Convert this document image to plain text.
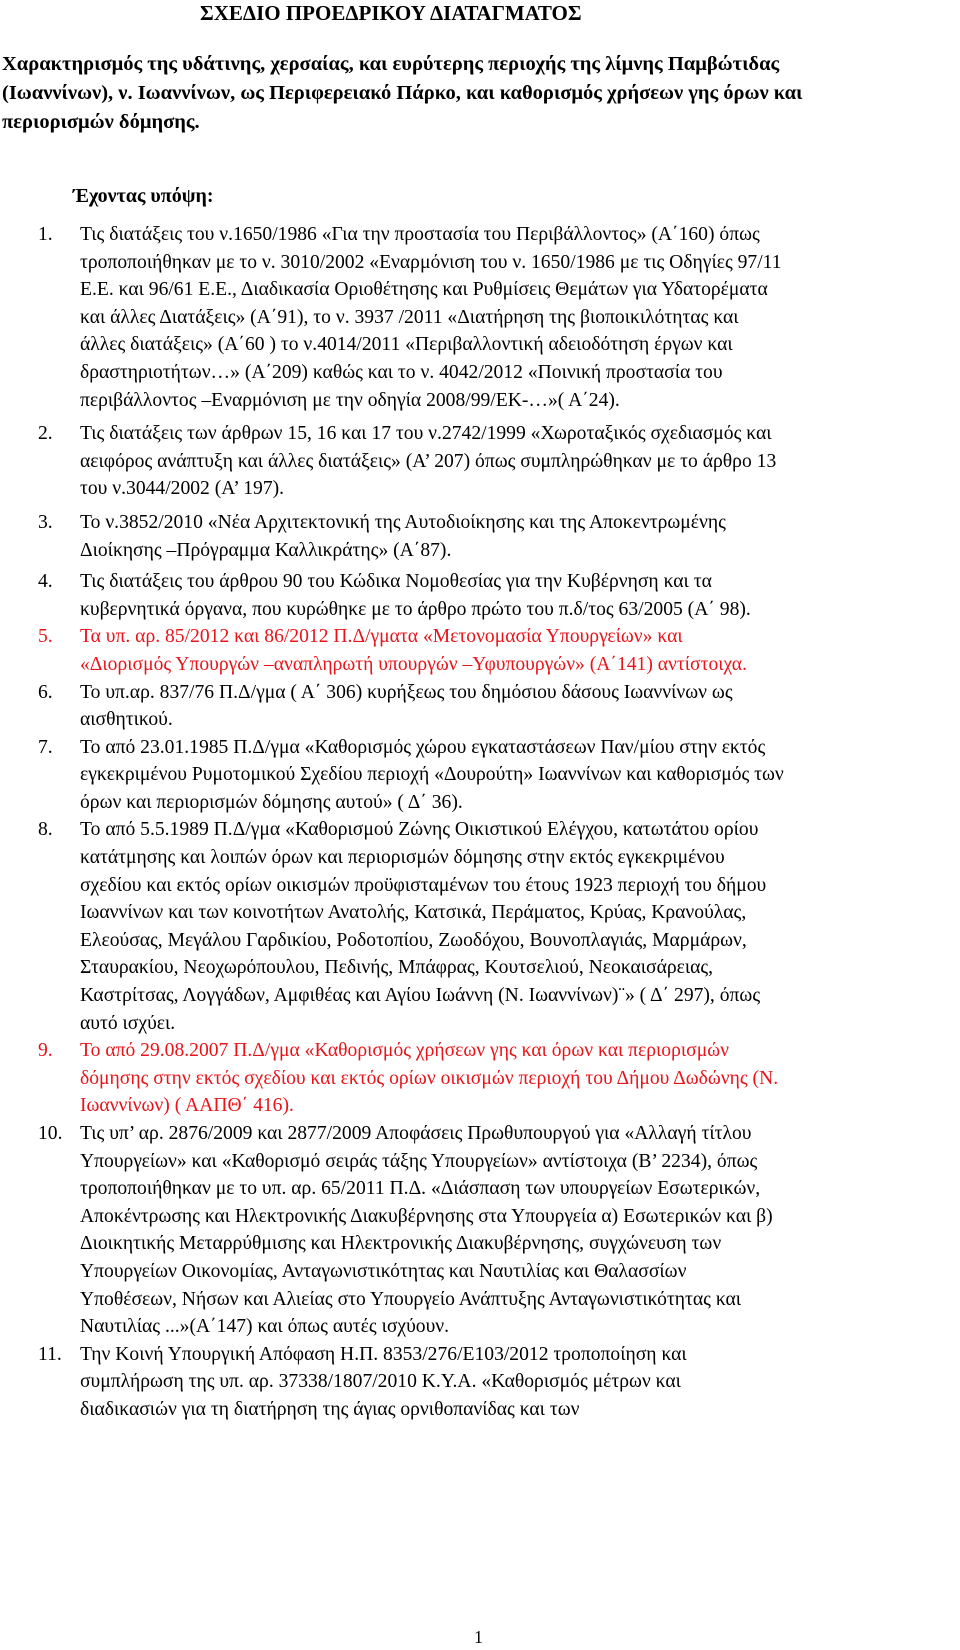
ΣΧΕΔΙΟ ΠΡΟΕΔΡΙΚΟΥ ΔΙΑΤΑΓΜΑΤΟΣ
Χαρακτηρισμός της υδάτινης, χερσαίας, και ευρύτερης περιοχής της λίμνης Παμβώτιδας
(Ιωαννίνων), ν. Ιωαννίνων, ως Περιφερειακό Πάρκο, και καθορισμός χρήσεων γης όρων και
περιορισμών δόμησης.
Έχοντας υπόψη:
1. Τις διατάξεις του ν.1650/1986 «Για την προστασία του Περιβάλλοντος» (Α΄160) όπως
τροποποιήθηκαν με το ν. 3010/2002 «Εναρμόνιση του ν. 1650/1986 με τις Οδηγίες 97/11
Ε.Ε. και 96/61 Ε.Ε., Διαδικασία Οριοθέτησης και Ρυθμίσεις Θεμάτων για Υδατορέματα
και άλλες Διατάξεις» (Α΄91), το ν. 3937 /2011 «Διατήρηση της βιοποικιλότητας και
άλλες διατάξεις» (Α΄60 ) το ν.4014/2011 «Περιβαλλοντική αδειοδότηση έργων και
δραστηριοτήτων…» (Α΄209) καθώς και το ν. 4042/2012 «Ποινική προστασία του
περιβάλλοντος –Εναρμόνιση με την οδηγία 2008/99/ΕΚ-…»( Α΄24).
2. Τις διατάξεις των άρθρων 15, 16 και 17 του ν.2742/1999 «Χωροταξικός σχεδιασμός και
αειφόρος ανάπτυξη και άλλες διατάξεις» (Α’ 207) όπως συμπληρώθηκαν με το άρθρο 13
του ν.3044/2002 (Α’ 197).
3. Το ν.3852/2010 «Νέα Αρχιτεκτονική της Αυτοδιοίκησης και της Αποκεντρωμένης
Διοίκησης –Πρόγραμμα Καλλικράτης» (Α΄87).
4. Τις διατάξεις του άρθρου 90 του Κώδικα Νομοθεσίας για την Κυβέρνηση και τα
κυβερνητικά όργανα, που κυρώθηκε με το άρθρο πρώτο του π.δ/τος 63/2005 (Α΄ 98).
5. Τα υπ. αρ. 85/2012 και 86/2012 Π.Δ/γματα «Μετονομασία Υπουργείων» και
«Διορισμός Υπουργών –αναπληρωτή υπουργών –Υφυπουργών» (Α΄141) αντίστοιχα.
6. Το υπ.αρ. 837/76 Π.Δ/γμα ( Α΄ 306) κυρήξεως του δημόσιου δάσους Ιωαννίνων ως
αισθητικού.
7. Το από 23.01.1985 Π.Δ/γμα «Καθορισμός χώρου εγκαταστάσεων Παν/μίου στην εκτός
εγκεκριμένου Ρυμοτομικού Σχεδίου περιοχή «Δουρούτη» Ιωαννίνων και καθορισμός των
όρων και περιορισμών δόμησης αυτού» ( Δ΄ 36).
8. Το από 5.5.1989 Π.Δ/γμα «Καθορισμού Ζώνης Οικιστικού Ελέγχου, κατωτάτου ορίου
κατάτμησης και λοιπών όρων και περιορισμών δόμησης στην εκτός εγκεκριμένου
σχεδίου και εκτός ορίων οικισμών προϋφισταμένων του έτους 1923 περιοχή του δήμου
Ιωαννίνων και των κοινοτήτων Ανατολής, Κατσικά, Περάματος, Κρύας, Κρανούλας,
Ελεούσας, Μεγάλου Γαρδικίου, Ροδοτοπίου, Ζωοδόχου, Βουνοπλαγιάς, Μαρμάρων,
Σταυρακίου, Νεοχωρόπουλου, Πεδινής, Μπάφρας, Κουτσελιού, Νεοκαισάρειας,
Καστρίτσας, Λογγάδων, Αμφιθέας και Αγίου Ιωάννη (Ν. Ιωαννίνων)¨» ( Δ΄ 297), όπως
αυτό ισχύει.
9. Το από 29.08.2007 Π.Δ/γμα «Καθορισμός χρήσεων γης και όρων και περιορισμών
δόμησης στην εκτός σχεδίου και εκτός ορίων οικισμών περιοχή του Δήμου Δωδώνης (Ν.
Ιωαννίνων) ( ΑΑΠΘ΄ 416).
10. Τις υπ’ αρ. 2876/2009 και 2877/2009 Αποφάσεις Πρωθυπουργού για «Αλλαγή τίτλου
Υπουργείων» και «Καθορισμό σειράς τάξης Υπουργείων» αντίστοιχα (Β’ 2234), όπως
τροποποιήθηκαν με το υπ. αρ. 65/2011 Π.Δ. «Διάσπαση των υπουργείων Εσωτερικών,
Αποκέντρωσης και Ηλεκτρονικής Διακυβέρνησης στα Υπουργεία α) Εσωτερικών και β)
Διοικητικής Μεταρρύθμισης και Ηλεκτρονικής Διακυβέρνησης, συγχώνευση των
Υπουργείων Οικονομίας, Ανταγωνιστικότητας και Ναυτιλίας και Θαλασσίων
Υποθέσεων, Νήσων και Αλιείας στο Υπουργείο Ανάπτυξης Ανταγωνιστικότητας και
Ναυτιλίας ...»(Α΄147) και όπως αυτές ισχύουν.
11. Την Κοινή Υπουργική Απόφαση Η.Π. 8353/276/Ε103/2012 τροποποίηση και
συμπλήρωση της υπ. αρ. 37338/1807/2010 Κ.Υ.Α. «Καθορισμός μέτρων και
διαδικασιών για τη διατήρηση της άγιας ορνιθοπανίδας και των
1
